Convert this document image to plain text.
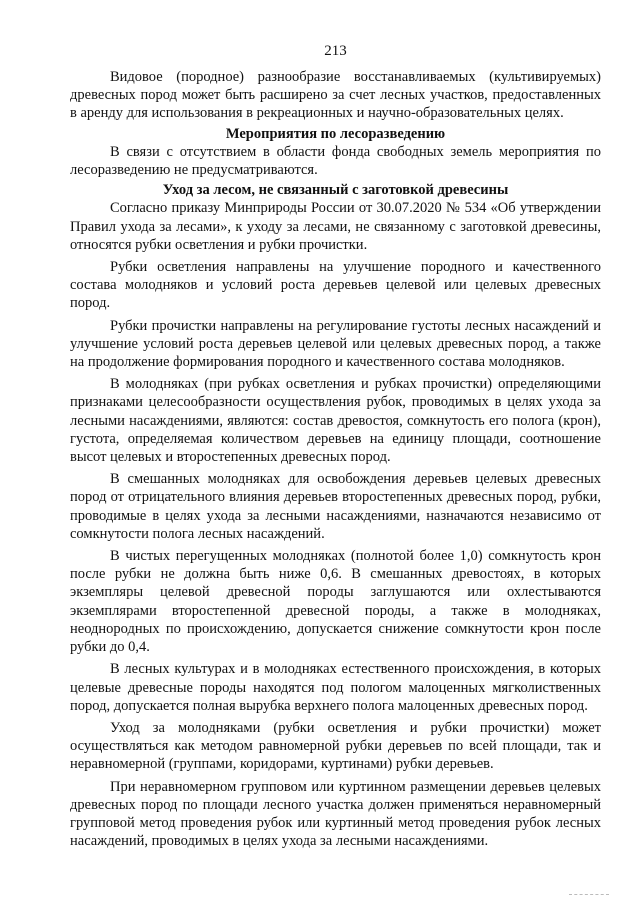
213

Видовое (породное) разнообразие восстанавливаемых (культивируемых) древесных пород может быть расширено за счет лесных участков, предоставленных в аренду для использования в рекреационных и научно-образовательных целях.

Мероприятия по лесоразведению

В связи с отсутствием в области фонда свободных земель мероприятия по лесоразведению не предусматриваются.

Уход за лесом, не связанный с заготовкой древесины

Согласно приказу Минприроды России от 30.07.2020 № 534 «Об утверждении Правил ухода за лесами», к уходу за лесами, не связанному с заготовкой древесины, относятся рубки осветления и рубки прочистки.

Рубки осветления направлены на улучшение породного и качественного состава молодняков и условий роста деревьев целевой или целевых древесных пород.

Рубки прочистки направлены на регулирование густоты лесных насаждений и улучшение условий роста деревьев целевой или целевых древесных пород, а также на продолжение формирования породного и качественного состава молодняков.

В молодняках (при рубках осветления и рубках прочистки) определяющими признаками целесообразности осуществления рубок, проводимых в целях ухода за лесными насаждениями, являются: состав древостоя, сомкнутость его полога (крон), густота, определяемая количеством деревьев на единицу площади, соотношение высот целевых и второстепенных древесных пород.

В смешанных молодняках для освобождения деревьев целевых древесных пород от отрицательного влияния деревьев второстепенных древесных пород, рубки, проводимые в целях ухода за лесными насаждениями, назначаются независимо от сомкнутости полога лесных насаждений.

В чистых перегущенных молодняках (полнотой более 1,0) сомкнутость крон после рубки не должна быть ниже 0,6. В смешанных древостоях, в которых экземпляры целевой древесной породы заглушаются или охлестываются экземплярами второстепенной древесной породы, а также в молодняках, неоднородных по происхождению, допускается снижение сомкнутости крон после рубки до 0,4.

В лесных культурах и в молодняках естественного происхождения, в которых целевые древесные породы находятся под пологом малоценных мягколиственных пород, допускается полная вырубка верхнего полога малоценных древесных пород.

Уход за молодняками (рубки осветления и рубки прочистки) может осуществляться как методом равномерной рубки деревьев по всей площади, так и неравномерной (группами, коридорами, куртинами) рубки деревьев.

При неравномерном групповом или куртинном размещении деревьев целевых древесных пород по площади лесного участка должен применяться неравномерный групповой метод проведения рубок или куртинный метод проведения рубок лесных насаждений, проводимых в целях ухода за лесными насаждениями.
